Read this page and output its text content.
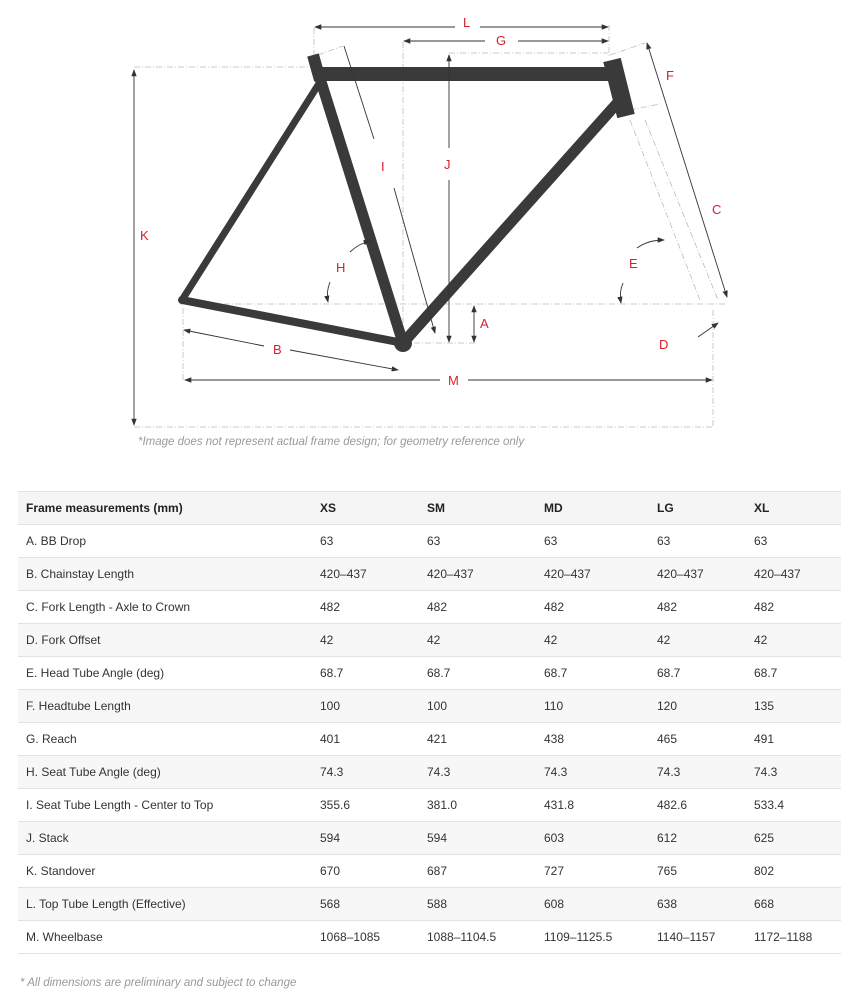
L
G
F
I	J
C
K
H	E
A
D
B
M
*Image does not represent actual frame design; for geometry reference only
Frame measurements (mm)	XS	SM	MD	LG	XL
A. BB Drop	63	63	63	63	63
B. Chainstay Length	420–437	420–437	420–437	420–437	420–437
C. Fork Length - Axle to Crown	482	482	482	482	482
D. Fork Offset	42	42	42	42	42
E. Head Tube Angle (deg)	68.7	68.7	68.7	68.7	68.7
F. Headtube Length	100	100	110	120	135
G. Reach	401	421	438	465	491
H. Seat Tube Angle (deg)	74.3	74.3	74.3	74.3	74.3
I. Seat Tube Length - Center to Top	355.6	381.0	431.8	482.6	533.4
J. Stack	594	594	603	612	625
K. Standover	670	687	727	765	802
L. Top Tube Length (Effective)	568	588	608	638	668
M. Wheelbase	1068–1085	1088–1104.5	1109–1125.5	1140–1157	1172–1188
* All dimensions are preliminary and subject to change
